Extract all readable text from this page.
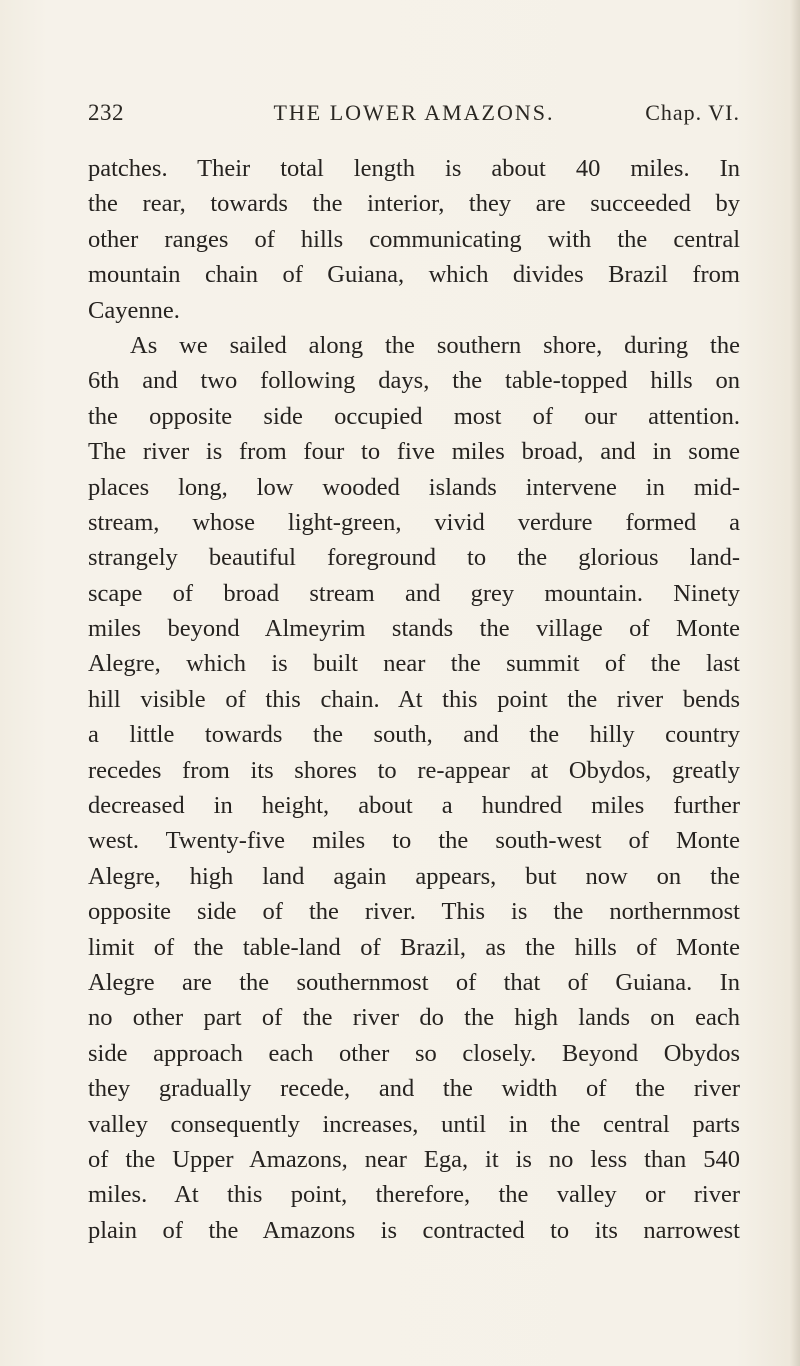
232	THE LOWER AMAZONS.	Chap. VI.
patches. Their total length is about 40 miles. In
the rear, towards the interior, they are succeeded by
other ranges of hills communicating with the central
mountain chain of Guiana, which divides Brazil from
Cayenne.
As we sailed along the southern shore, during the
6th and two following days, the table-topped hills on
the opposite side occupied most of our attention.
The river is from four to five miles broad, and in some
places long, low wooded islands intervene in mid-
stream, whose light-green, vivid verdure formed a
strangely beautiful foreground to the glorious land-
scape of broad stream and grey mountain. Ninety
miles beyond Almeyrim stands the village of Monte
Alegre, which is built near the summit of the last
hill visible of this chain. At this point the river bends
a little towards the south, and the hilly country
recedes from its shores to re-appear at Obydos, greatly
decreased in height, about a hundred miles further
west. Twenty-five miles to the south-west of Monte
Alegre, high land again appears, but now on the
opposite side of the river. This is the northernmost
limit of the table-land of Brazil, as the hills of Monte
Alegre are the southernmost of that of Guiana. In
no other part of the river do the high lands on each
side approach each other so closely. Beyond Obydos
they gradually recede, and the width of the river
valley consequently increases, until in the central parts
of the Upper Amazons, near Ega, it is no less than 540
miles. At this point, therefore, the valley or river
plain of the Amazons is contracted to its narrowest
